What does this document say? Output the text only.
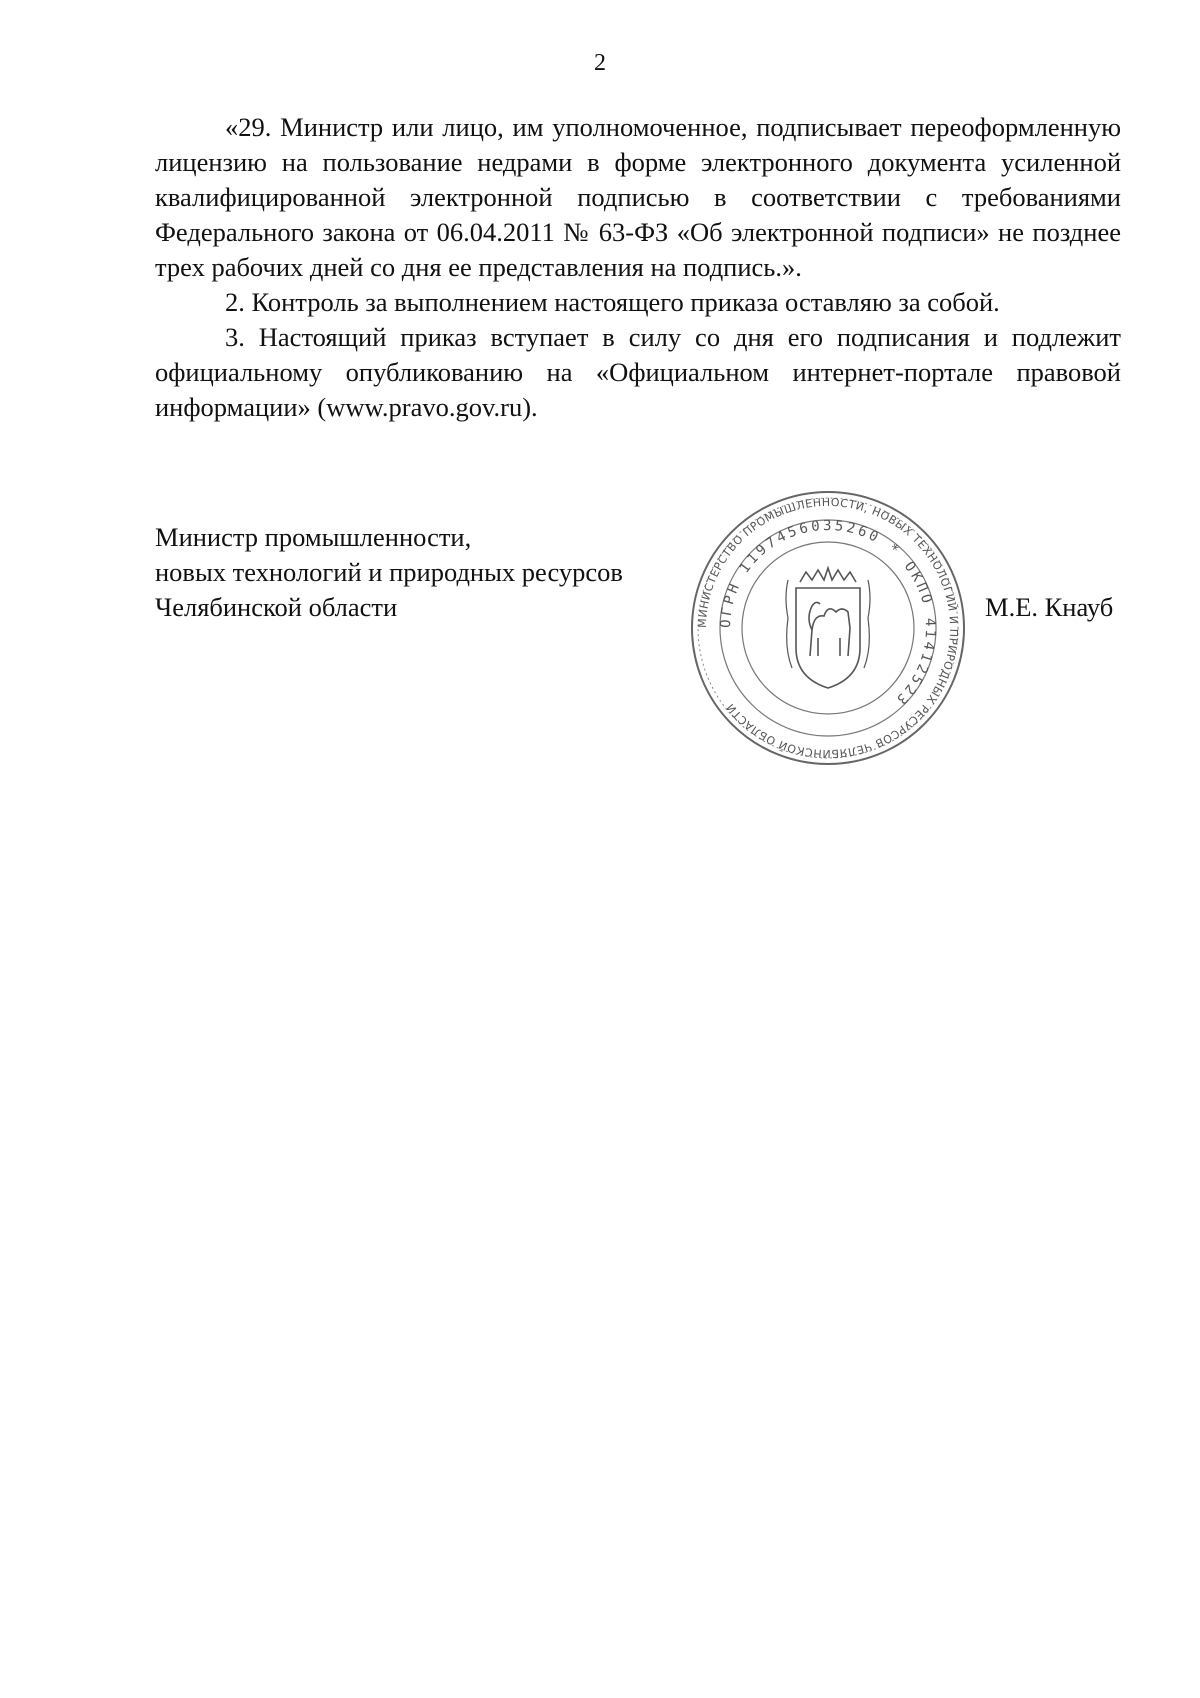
2

«29. Министр или лицо, им уполномоченное, подписывает переоформленную лицензию на пользование недрами в форме электронного документа усиленной квалифицированной электронной подписью в соответствии с требованиями Федерального закона от 06.04.2011 № 63-ФЗ «Об электронной подписи» не позднее трех рабочих дней со дня ее представления на подпись.».

2. Контроль за выполнением настоящего приказа оставляю за собой.

3. Настоящий приказ вступает в силу со дня его подписания и подлежит официальному опубликованию на «Официальном интернет-портале правовой информации» (www.pravo.gov.ru).

Министр промышленности,
новых технологий и природных ресурсов
Челябинской области
МИНИСТЕРСТВО ПРОМЫШЛЕННОСТИ, НОВЫХ ТЕХНОЛОГИЙ И ПРИРОДНЫХ РЕСУРСОВ ЧЕЛЯБИНСКОЙ ОБЛАСТИ
ОГРН 1197456035260 * ОКПО 41412523
М.Е. Кнауб
